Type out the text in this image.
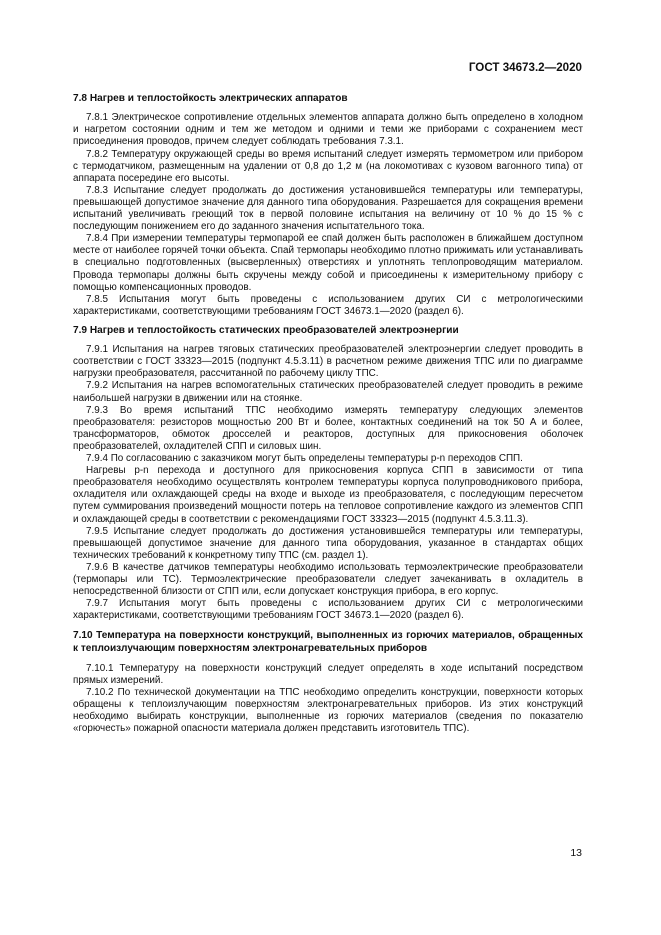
ГОСТ 34673.2—2020
7.8 Нагрев и теплостойкость электрических аппаратов

7.8.1 Электрическое сопротивление отдельных элементов аппарата должно быть определено в холодном и нагретом состоянии одним и тем же методом и одними и теми же приборами с сохранением мест присоединения проводов, причем следует соблюдать требования 7.3.1.

7.8.2 Температуру окружающей среды во время испытаний следует измерять термометром или прибором с термодатчиком, размещенным на удалении от 0,8 до 1,2 м (на локомотивах с кузовом вагонного типа) от аппарата посередине его высоты.

7.8.3 Испытание следует продолжать до достижения установившейся температуры или температуры, превышающей допустимое значение для данного типа оборудования. Разрешается для сокращения времени испытаний увеличивать греющий ток в первой половине испытания на величину от 10 % до 15 % с последующим понижением его до заданного значения испытательного тока.

7.8.4 При измерении температуры термопарой ее спай должен быть расположен в ближайшем доступном месте от наиболее горячей точки объекта. Спай термопары необходимо плотно прижимать или устанавливать в специально подготовленных (высверленных) отверстиях и уплотнять теплопроводящим материалом. Провода термопары должны быть скручены между собой и присоединены к измерительному прибору с помощью компенсационных проводов.

7.8.5 Испытания могут быть проведены с использованием других СИ с метрологическими характеристиками, соответствующими требованиям ГОСТ 34673.1—2020 (раздел 6).

7.9 Нагрев и теплостойкость статических преобразователей электроэнергии

7.9.1 Испытания на нагрев тяговых статических преобразователей электроэнергии следует проводить в соответствии с ГОСТ 33323—2015 (подпункт 4.5.3.11) в расчетном режиме движения ТПС или по диаграмме нагрузки преобразователя, рассчитанной по рабочему циклу ТПС.

7.9.2 Испытания на нагрев вспомогательных статических преобразователей следует проводить в режиме наибольшей нагрузки в движении или на стоянке.

7.9.3 Во время испытаний ТПС необходимо измерять температуру следующих элементов преобразователя: резисторов мощностью 200 Вт и более, контактных соединений на ток 50 А и более, трансформаторов, обмоток дросселей и реакторов, доступных для прикосновения оболочек преобразователей, охладителей СПП и силовых шин.

7.9.4 По согласованию с заказчиком могут быть определены температуры p-n переходов СПП.

Нагревы p-n перехода и доступного для прикосновения корпуса СПП в зависимости от типа преобразователя необходимо осуществлять контролем температуры корпуса полупроводникового прибора, охладителя или охлаждающей среды на входе и выходе из преобразователя, с последующим пересчетом путем суммирования произведений мощности потерь на тепловое сопротивление каждого из элементов СПП и охлаждающей среды в соответствии с рекомендациями ГОСТ 33323—2015 (подпункт 4.5.3.11.3).

7.9.5 Испытание следует продолжать до достижения установившейся температуры или температуры, превышающей допустимое значение для данного типа оборудования, указанное в стандартах общих технических требований к конкретному типу ТПС (см. раздел 1).

7.9.6 В качестве датчиков температуры необходимо использовать термоэлектрические преобразователи (термопары или ТС). Термоэлектрические преобразователи следует зачеканивать в охладитель в непосредственной близости от СПП или, если допускает конструкция прибора, в его корпус.

7.9.7 Испытания могут быть проведены с использованием других СИ с метрологическими характеристиками, соответствующими требованиям ГОСТ 34673.1—2020 (раздел 6).

7.10 Температура на поверхности конструкций, выполненных из горючих материалов, обращенных к теплоизлучающим поверхностям электронагревательных приборов

7.10.1 Температуру на поверхности конструкций следует определять в ходе испытаний посредством прямых измерений.

7.10.2 По технической документации на ТПС необходимо определить конструкции, поверхности которых обращены к теплоизлучающим поверхностям электронагревательных приборов. Из этих конструкций необходимо выбирать конструкции, выполненные из горючих материалов (сведения по показателю «горючесть» пожарной опасности материала должен представить изготовитель ТПС).

13
